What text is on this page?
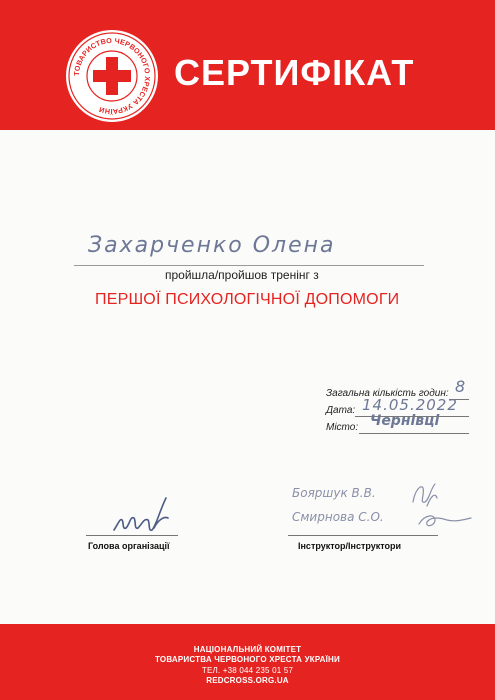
ТОВАРИСТВО ЧЕРВОНОГО ХРЕСТА УКРАЇНИ
СЕРТИФІКАТ
Захарченко Олена
пройшла/пройшов тренінг з
ПЕРШОЇ ПСИХОЛОГІЧНОЇ ДОПОМОГИ
Загальна кількість годин: 8
Дата: 14.05.2022
Місто: Чернівці
Голова організації
Бояршук В.В.
Смирнова С.О.
Інструктор/Інструктори
НАЦІОНАЛЬНИЙ КОМІТЕТ
ТОВАРИСТВА ЧЕРВОНОГО ХРЕСТА УКРАЇНИ
ТЕЛ. +38 044 235 01 57
REDCROSS.ORG.UA
